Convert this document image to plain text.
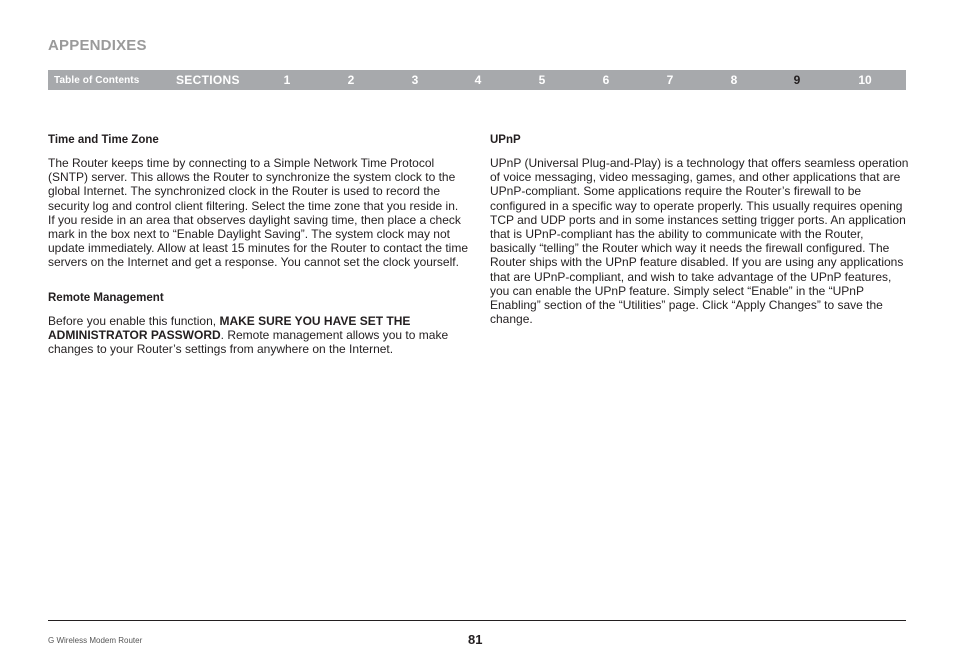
APPENDIXES
Table of Contents	SECTIONS	1	2	3	4	5	6	7	8	9	10
Time and Time Zone

The Router keeps time by connecting to a Simple Network Time Protocol (SNTP) server. This allows the Router to synchronize the system clock to the global Internet. The synchronized clock in the Router is used to record the security log and control client filtering. Select the time zone that you reside in. If you reside in an area that observes daylight saving time, then place a check mark in the box next to “Enable Daylight Saving”. The system clock may not update immediately. Allow at least 15 minutes for the Router to contact the time servers on the Internet and get a response. You cannot set the clock yourself.

Remote Management

Before you enable this function, MAKE SURE YOU HAVE SET THE ADMINISTRATOR PASSWORD. Remote management allows you to make changes to your Router’s settings from anywhere on the Internet.

UPnP

UPnP (Universal Plug-and-Play) is a technology that offers seamless operation of voice messaging, video messaging, games, and other applications that are UPnP-compliant. Some applications require the Router’s firewall to be configured in a specific way to operate properly. This usually requires opening TCP and UDP ports and in some instances setting trigger ports. An application that is UPnP-compliant has the ability to communicate with the Router, basically “telling” the Router which way it needs the firewall configured. The Router ships with the UPnP feature disabled. If you are using any applications that are UPnP-compliant, and wish to take advantage of the UPnP features, you can enable the UPnP feature. Simply select “Enable” in the “UPnP Enabling” section of the “Utilities” page. Click “Apply Changes” to save the change.

G Wireless Modem Router	81
